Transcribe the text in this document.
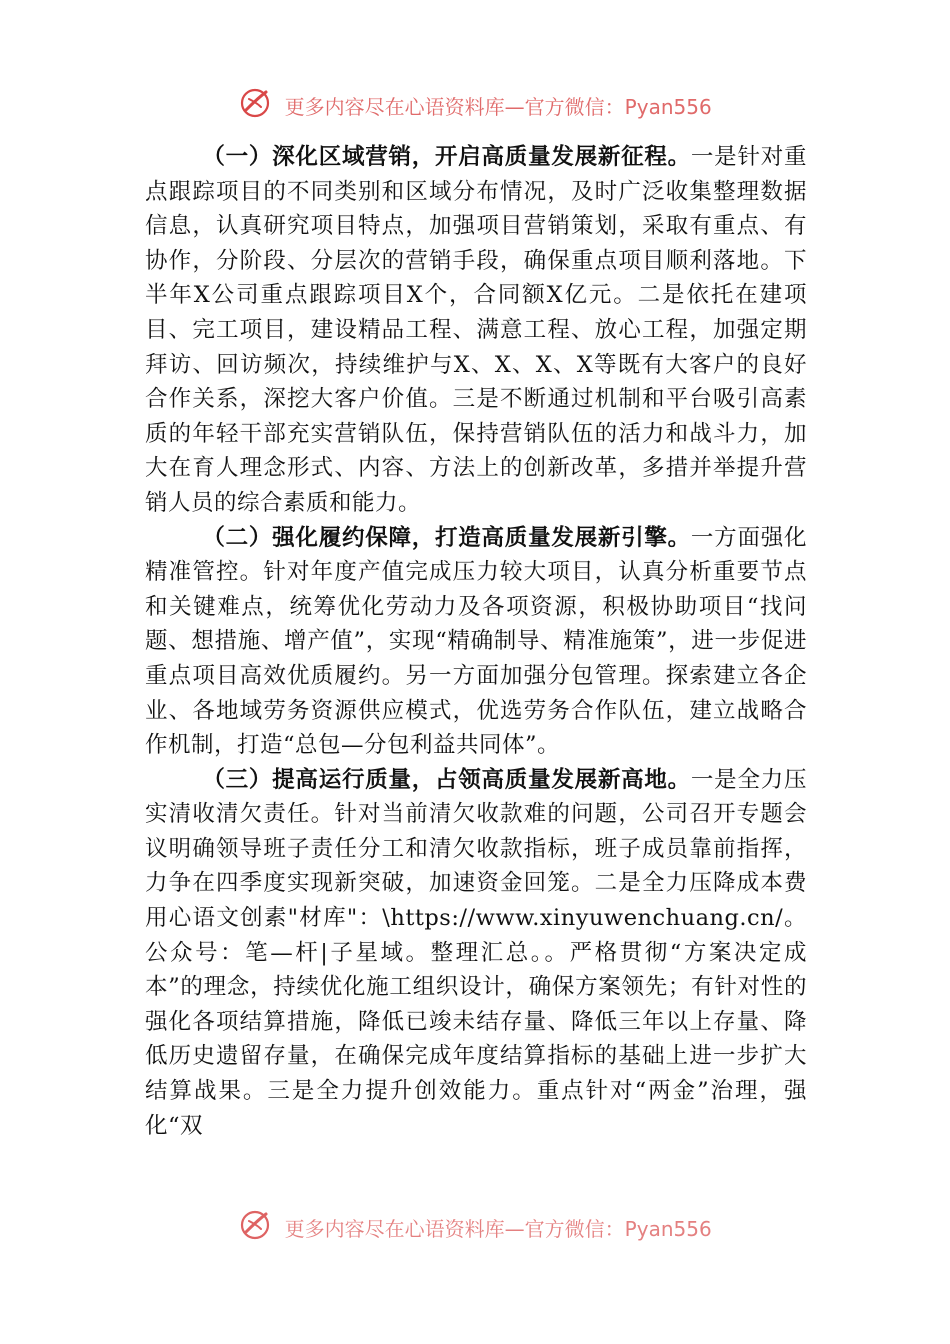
更多内容尽在心语资料库—官方微信：Pyan556

（一）深化区域营销，开启高质量发展新征程。一是针对重点跟踪项目的不同类别和区域分布情况，及时广泛收集整理数据信息，认真研究项目特点，加强项目营销策划，采取有重点、有协作，分阶段、分层次的营销手段，确保重点项目顺利落地。下半年X公司重点跟踪项目X个，合同额X亿元。二是依托在建项目、完工项目，建设精品工程、满意工程、放心工程，加强定期拜访、回访频次，持续维护与X、X、X、X等既有大客户的良好合作关系，深挖大客户价值。三是不断通过机制和平台吸引高素质的年轻干部充实营销队伍，保持营销队伍的活力和战斗力，加大在育人理念形式、内容、方法上的创新改革，多措并举提升营销人员的综合素质和能力。

（二）强化履约保障，打造高质量发展新引擎。一方面强化精准管控。针对年度产值完成压力较大项目，认真分析重要节点和关键难点，统筹优化劳动力及各项资源，积极协助项目“找问题、想措施、增产值”，实现“精确制导、精准施策”，进一步促进重点项目高效优质履约。另一方面加强分包管理。探索建立各企业、各地域劳务资源供应模式，优选劳务合作队伍，建立战略合作机制，打造“总包—分包利益共同体”。

（三）提高运行质量，占领高质量发展新高地。一是全力压实清收清欠责任。针对当前清欠收款难的问题，公司召开专题会议明确领导班子责任分工和清欠收款指标，班子成员靠前指挥，力争在四季度实现新突破，加速资金回笼。二是全力压降成本费用心语文创素"材库"：\https://www.xinyuwenchuang.cn/。公众号：笔—杆|子星域。整理汇总。。严格贯彻“方案决定成本”的理念，持续优化施工组织设计，确保方案领先；有针对性的强化各项结算措施，降低已竣未结存量、降低三年以上存量、降低历史遗留存量，在确保完成年度结算指标的基础上进一步扩大结算战果。三是全力提升创效能力。重点针对“两金”治理，强化“双

更多内容尽在心语资料库—官方微信：Pyan556
